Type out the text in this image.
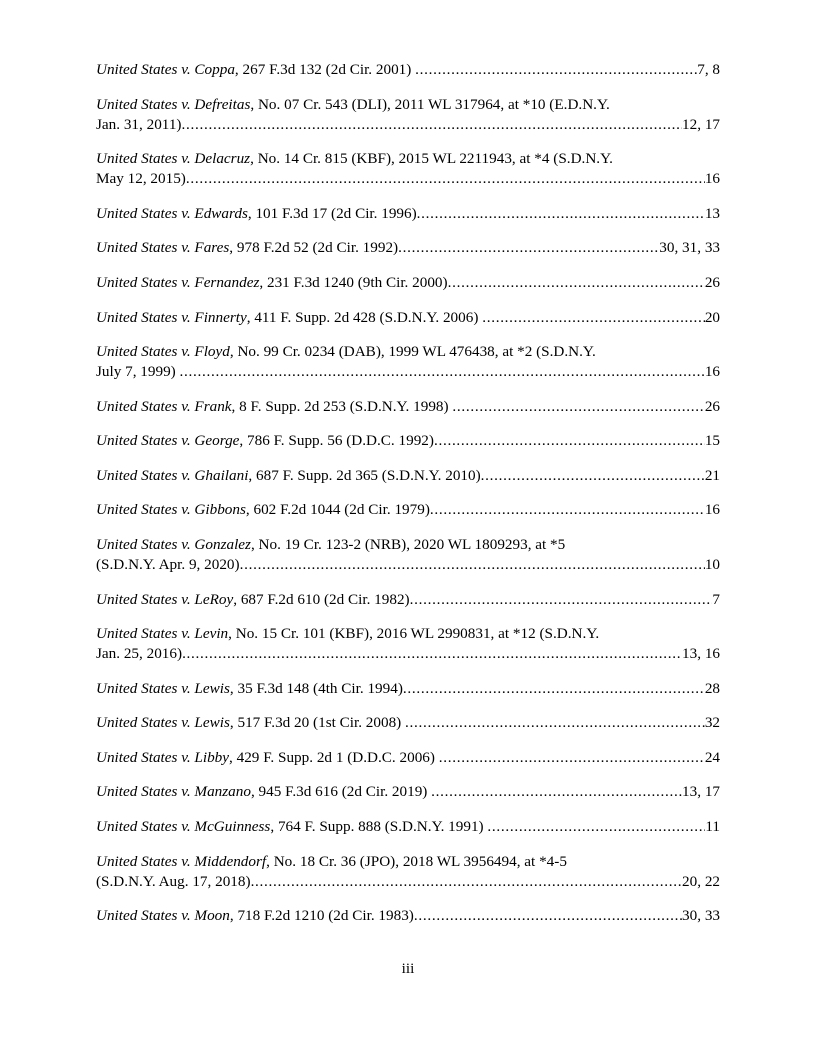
United States v. Coppa, 267 F.3d 132 (2d Cir. 2001) .....	7, 8
United States v. Defreitas, No. 07 Cr. 543 (DLI), 2011 WL 317964, at *10 (E.D.N.Y.
Jan. 31, 2011) .....	12, 17
United States v. Delacruz, No. 14 Cr. 815 (KBF), 2015 WL 2211943, at *4 (S.D.N.Y.
May 12, 2015) .....	16
United States v. Edwards, 101 F.3d 17 (2d Cir. 1996) .....	13
United States v. Fares, 978 F.2d 52 (2d Cir. 1992) .....	30, 31, 33
United States v. Fernandez, 231 F.3d 1240 (9th Cir. 2000) .....	26
United States v. Finnerty, 411 F. Supp. 2d 428 (S.D.N.Y. 2006) .....	20
United States v. Floyd, No. 99 Cr. 0234 (DAB), 1999 WL 476438, at *2 (S.D.N.Y.
July 7, 1999) .....	16
United States v. Frank, 8 F. Supp. 2d 253 (S.D.N.Y. 1998) .....	26
United States v. George, 786 F. Supp. 56 (D.D.C. 1992) .....	15
United States v. Ghailani, 687 F. Supp. 2d 365 (S.D.N.Y. 2010) .....	21
United States v. Gibbons, 602 F.2d 1044 (2d Cir. 1979) .....	16
United States v. Gonzalez, No. 19 Cr. 123-2 (NRB), 2020 WL 1809293, at *5
(S.D.N.Y. Apr. 9, 2020) .....	10
United States v. LeRoy, 687 F.2d 610 (2d Cir. 1982) .....	7
United States v. Levin, No. 15 Cr. 101 (KBF), 2016 WL 2990831, at *12 (S.D.N.Y.
Jan. 25, 2016) .....	13, 16
United States v. Lewis, 35 F.3d 148 (4th Cir. 1994) .....	28
United States v. Lewis, 517 F.3d 20 (1st Cir. 2008) .....	32
United States v. Libby, 429 F. Supp. 2d 1 (D.D.C. 2006) .....	24
United States v. Manzano, 945 F.3d 616 (2d Cir. 2019) .....	13, 17
United States v. McGuinness, 764 F. Supp. 888 (S.D.N.Y. 1991) .....	11
United States v. Middendorf, No. 18 Cr. 36 (JPO), 2018 WL 3956494, at *4-5
(S.D.N.Y. Aug. 17, 2018) .....	20, 22
United States v. Moon, 718 F.2d 1210 (2d Cir. 1983) .....	30, 33
iii
